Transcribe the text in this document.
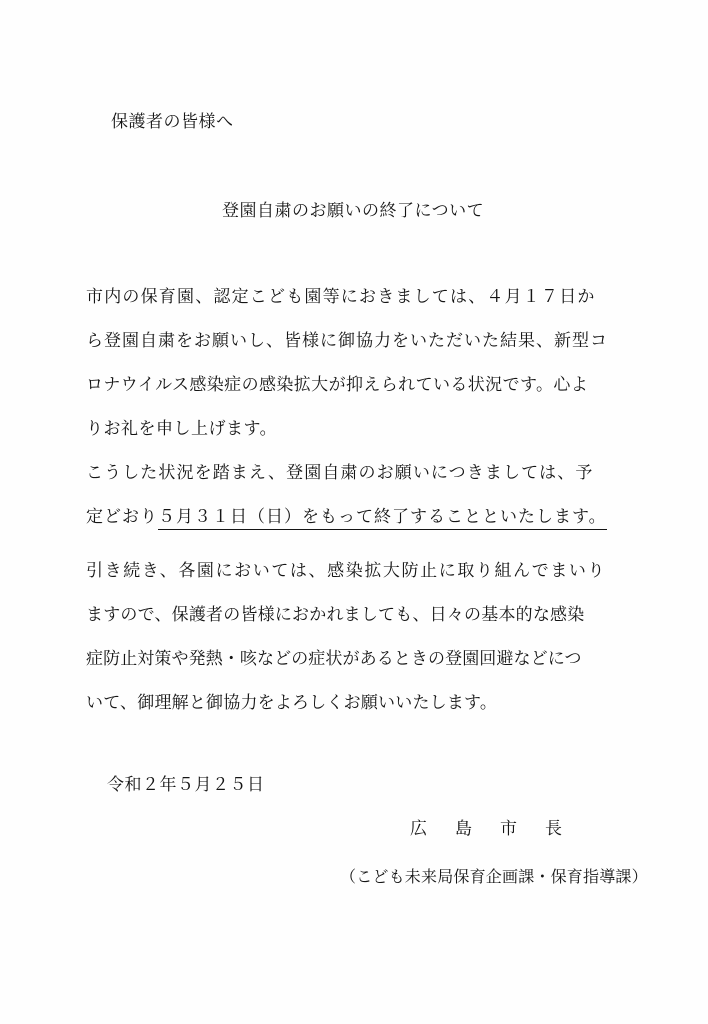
保護者の皆様へ
登園自粛のお願いの終了について
市内の保育園、認定こども園等におきましては、４月１７日か
ら登園自粛をお願いし、皆様に御協力をいただいた結果、新型コ
ロナウイルス感染症の感染拡大が抑えられている状況です。心よ
りお礼を申し上げます。
こうした状況を踏まえ、登園自粛のお願いにつきましては、予
定どおり５月３１日（日）をもって終了することといたします。
引き続き、各園においては、感染拡大防止に取り組んでまいり
ますので、保護者の皆様におかれましても、日々の基本的な感染
症防止対策や発熱・咳などの症状があるときの登園回避などにつ
いて、御理解と御協力をよろしくお願いいたします。
令和２年５月２５日
広島市長
（こども未来局保育企画課・保育指導課）
